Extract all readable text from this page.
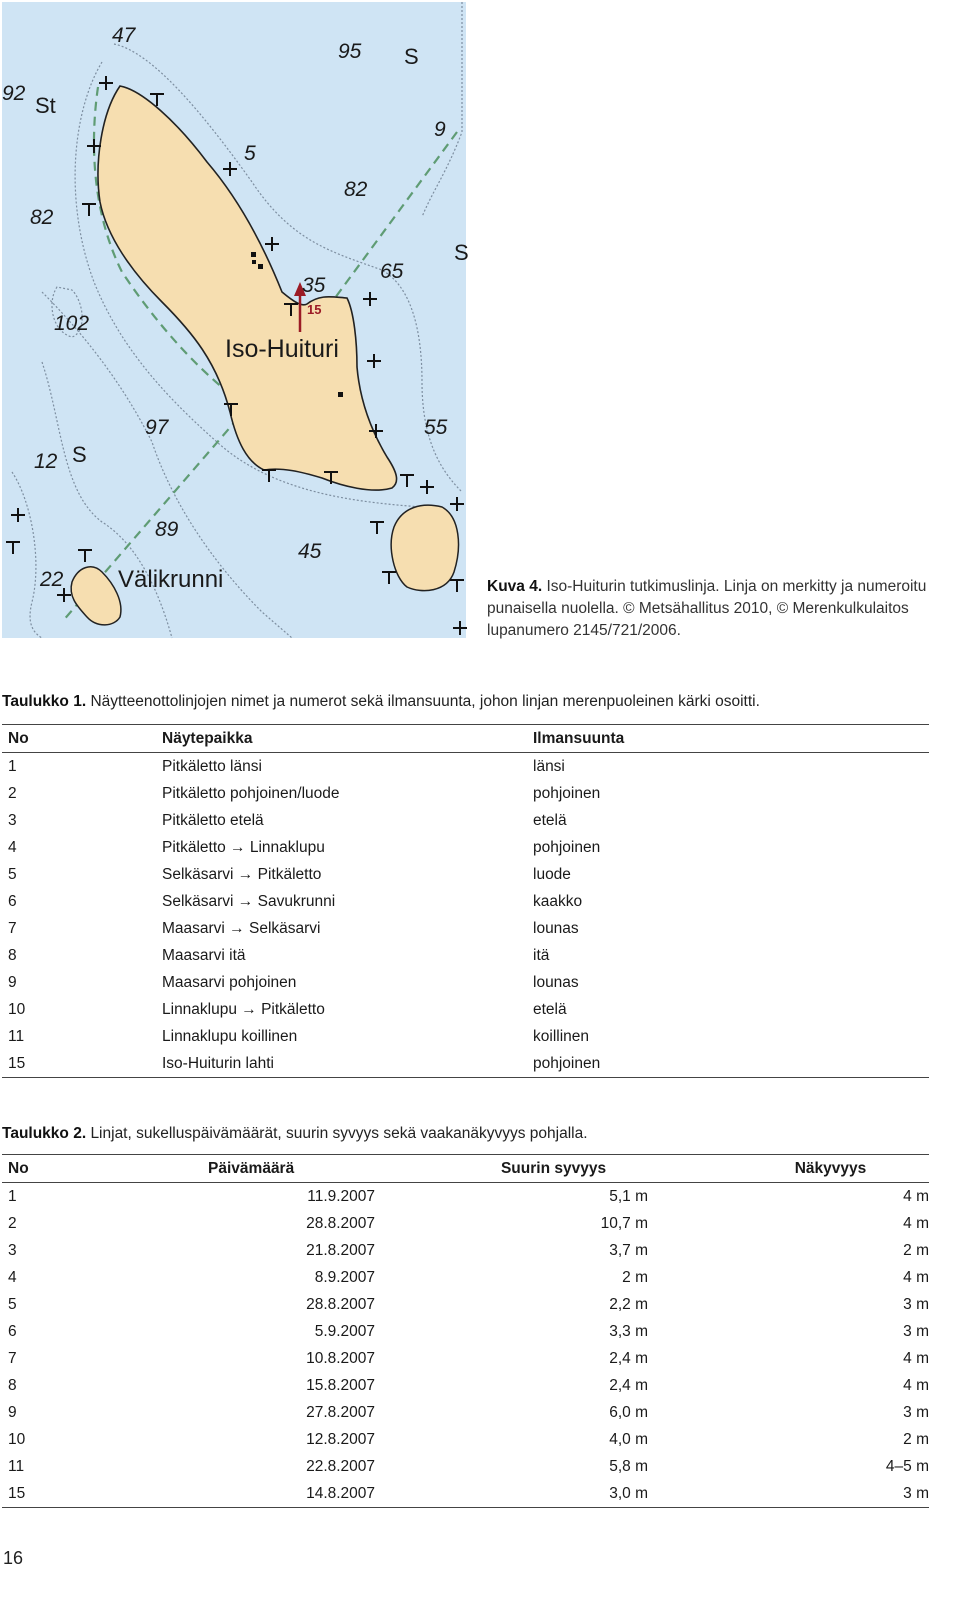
15
Iso-Huituri
Välikrunni
St
S
S
S
47
95
92
9
82
5
82
65
35
102
55
97
12
89
45
22	Kuva 4. Iso-Huiturin tutkimuslinja. Linja on merkitty ja numeroitu punaisella nuolella. © Metsähallitus 2010, © Merenkulkulaitos lupanumero 2145/721/2006.
Taulukko 1. Näytteenottolinjojen nimet ja numerot sekä ilmansuunta, johon linjan merenpuoleinen kärki osoitti.
No	Näytepaikka	Ilmansuunta
1	Pitkäletto länsi	länsi
2	Pitkäletto pohjoinen/luode	pohjoinen
3	Pitkäletto etelä	etelä
4	Pitkäletto → Linnaklupu	pohjoinen
5	Selkäsarvi → Pitkäletto	luode
6	Selkäsarvi → Savukrunni	kaakko
7	Maasarvi → Selkäsarvi	lounas
8	Maasarvi itä	itä
9	Maasarvi pohjoinen	lounas
10	Linnaklupu → Pitkäletto	etelä
11	Linnaklupu koillinen	koillinen
15	Iso-Huiturin lahti	pohjoinen
Taulukko 2. Linjat, sukelluspäivämäärät, suurin syvyys sekä vaakanäkyvyys pohjalla.
No	Päivämäärä	Suurin syvyys	Näkyvyys
1	11.9.2007	5,1 m	4 m
2	28.8.2007	10,7 m	4 m
3	21.8.2007	3,7 m	2 m
4	8.9.2007	2 m	4 m
5	28.8.2007	2,2 m	3 m
6	5.9.2007	3,3 m	3 m
7	10.8.2007	2,4 m	4 m
8	15.8.2007	2,4 m	4 m
9	27.8.2007	6,0 m	3 m
10	12.8.2007	4,0 m	2 m
11	22.8.2007	5,8 m	4–5 m
15	14.8.2007	3,0 m	3 m
16
